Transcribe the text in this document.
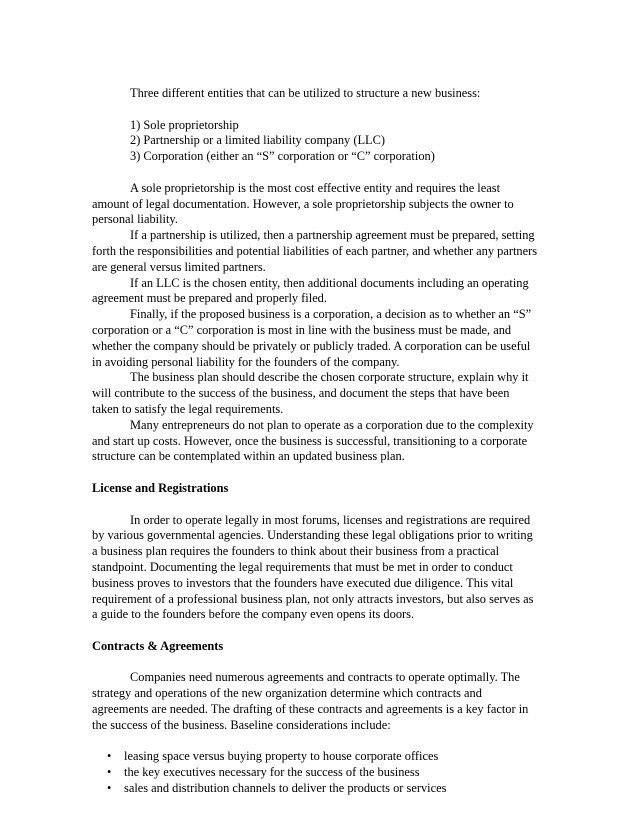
Three different entities that can be utilized to structure a new business:
1) Sole proprietorship
2) Partnership or a limited liability company (LLC)
3) Corporation (either an “S” corporation or “C” corporation)
A sole proprietorship is the most cost effective entity and requires the least
amount of legal documentation. However, a sole proprietorship subjects the owner to
personal liability.
If a partnership is utilized, then a partnership agreement must be prepared, setting
forth the responsibilities and potential liabilities of each partner, and whether any partners
are general versus limited partners.
If an LLC is the chosen entity, then additional documents including an operating
agreement must be prepared and properly filed.
Finally, if the proposed business is a corporation, a decision as to whether an “S”
corporation or a “C” corporation is most in line with the business must be made, and
whether the company should be privately or publicly traded. A corporation can be useful
in avoiding personal liability for the founders of the company.
The business plan should describe the chosen corporate structure, explain why it
will contribute to the success of the business, and document the steps that have been
taken to satisfy the legal requirements.
Many entrepreneurs do not plan to operate as a corporation due to the complexity
and start up costs. However, once the business is successful, transitioning to a corporate
structure can be contemplated within an updated business plan.
License and Registrations
In order to operate legally in most forums, licenses and registrations are required
by various governmental agencies. Understanding these legal obligations prior to writing
a business plan requires the founders to think about their business from a practical
standpoint. Documenting the legal requirements that must be met in order to conduct
business proves to investors that the founders have executed due diligence. This vital
requirement of a professional business plan, not only attracts investors, but also serves as
a guide to the founders before the company even opens its doors.
Contracts & Agreements
Companies need numerous agreements and contracts to operate optimally. The
strategy and operations of the new organization determine which contracts and
agreements are needed. The drafting of these contracts and agreements is a key factor in
the success of the business. Baseline considerations include:
• leasing space versus buying property to house corporate offices
• the key executives necessary for the success of the business
• sales and distribution channels to deliver the products or services
